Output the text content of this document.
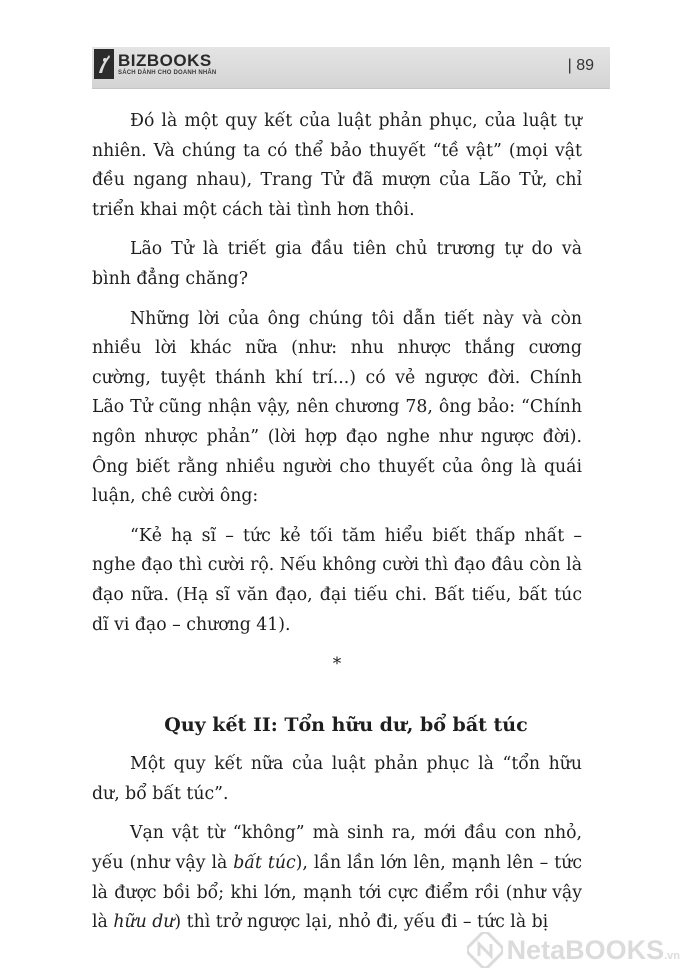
BIZBOOKS
SÁCH DÀNH CHO DOANH NHÂN	| 89

Đó là một quy kết của luật phản phục, của luật tự nhiên. Và chúng ta có thể bảo thuyết “tề vật” (mọi vật đều ngang nhau), Trang Tử đã mượn của Lão Tử, chỉ triển khai một cách tài tình hơn thôi.

Lão Tử là triết gia đầu tiên chủ trương tự do và bình đẳng chăng?

Những lời của ông chúng tôi dẫn tiết này và còn nhiều lời khác nữa (như: nhu nhược thắng cương cường, tuyệt thánh khí trí...) có vẻ ngược đời. Chính Lão Tử cũng nhận vậy, nên chương 78, ông bảo: “Chính ngôn nhược phản” (lời hợp đạo nghe như ngược đời). Ông biết rằng nhiều người cho thuyết của ông là quái luận, chê cười ông:

“Kẻ hạ sĩ – tức kẻ tối tăm hiểu biết thấp nhất – nghe đạo thì cười rộ. Nếu không cười thì đạo đâu còn là đạo nữa. (Hạ sĩ văn đạo, đại tiếu chi. Bất tiếu, bất túc dĩ vi đạo – chương 41).

*

Quy kết II: Tổn hữu dư, bổ bất túc

Một quy kết nữa của luật phản phục là “tổn hữu dư, bổ bất túc”.

Vạn vật từ “không” mà sinh ra, mới đầu con nhỏ, yếu (như vậy là bất túc), lần lần lớn lên, mạnh lên – tức là được bồi bổ; khi lớn, mạnh tới cực điểm rồi (như vậy là hữu dư) thì trở ngược lại, nhỏ đi, yếu đi – tức là bị

NetaBOOKS.vn
